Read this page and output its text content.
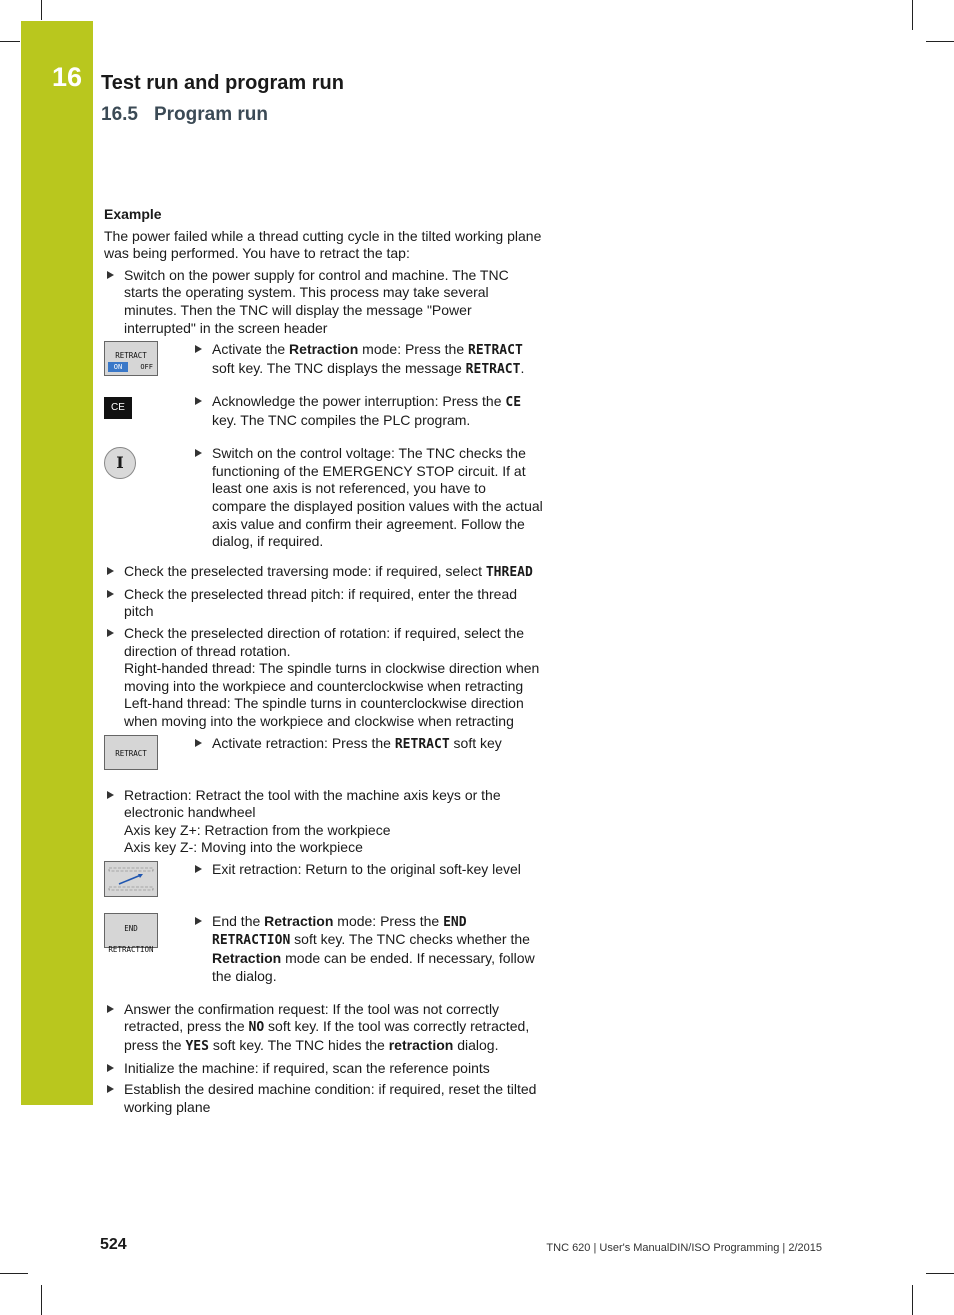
16 Test run and program run
16.5 Program run
Example

The power failed while a thread cutting cycle in the tilted working plane was being performed. You have to retract the tap:

Switch on the power supply for control and machine. The TNC starts the operating system. This process may take several minutes. Then the TNC will display the message "Power interrupted" in the screen header
RETRACT
ON	OFF
Activate the Retraction mode: Press the RETRACT soft key. The TNC displays the message RETRACT.
CE	Acknowledge the power interruption: Press the CE key. The TNC compiles the PLC program.
I	Switch on the control voltage: The TNC checks the functioning of the EMERGENCY STOP circuit. If at least one axis is not referenced, you have to compare the displayed position values with the actual axis value and confirm their agreement. Follow the dialog, if required.
Check the preselected traversing mode: if required, select THREAD
Check the preselected thread pitch: if required, enter the thread pitch
Check the preselected direction of rotation: if required, select the direction of thread rotation.
Right-handed thread: The spindle turns in clockwise direction when moving into the workpiece and counterclockwise when retracting
Left-hand thread: The spindle turns in counterclockwise direction when moving into the workpiece and clockwise when retracting
RETRACT
Activate retraction: Press the RETRACT soft key
Retraction: Retract the tool with the machine axis keys or the electronic handwheel
Axis key Z+: Retraction from the workpiece
Axis key Z-: Moving into the workpiece
Exit retraction: Return to the original soft-key level
END
RETRACTION
End the Retraction mode: Press the END RETRACTION soft key. The TNC checks whether the Retraction mode can be ended. If necessary, follow the dialog.
Answer the confirmation request: If the tool was not correctly retracted, press the NO soft key. If the tool was correctly retracted, press the YES soft key. The TNC hides the retraction dialog.
Initialize the machine: if required, scan the reference points
Establish the desired machine condition: if required, reset the tilted working plane
524	TNC 620 | User's ManualDIN/ISO Programming | 2/2015
